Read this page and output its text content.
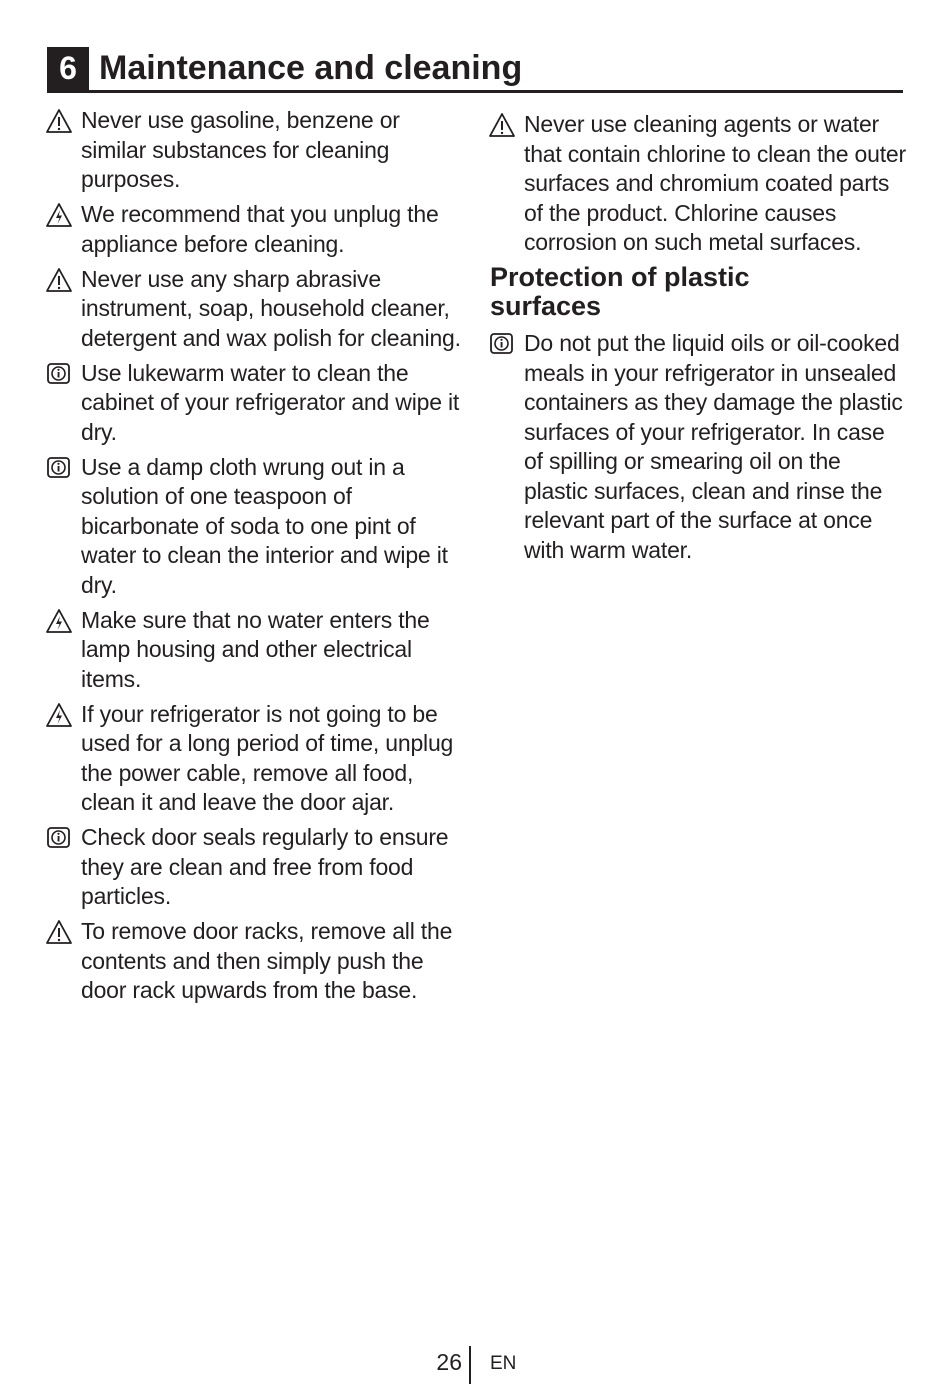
6 Maintenance and cleaning
Never use gasoline, benzene or similar substances for cleaning purposes.
We recommend that you unplug the appliance before cleaning.
Never use any sharp abrasive instrument, soap, household cleaner, detergent and wax polish for cleaning.
Use lukewarm water to clean the cabinet of your refrigerator and wipe it dry.
Use a damp cloth wrung out in a solution of one teaspoon of bicarbonate of soda to one pint of water to clean the interior and wipe it dry.
Make sure that no water enters the lamp housing and other electrical items.
If your refrigerator is not going to be used for a long period of time, unplug the power cable, remove all food, clean it and leave the door ajar.
Check door seals regularly to ensure they are clean and free from food particles.
To remove door racks, remove all the contents and then simply push the door rack upwards from the base.
Never use cleaning agents or water that contain chlorine to clean the outer surfaces and chromium coated parts of the product. Chlorine causes corrosion on such metal surfaces.
Protection of plastic surfaces
Do not put the liquid oils or oil-cooked meals in your refrigerator in unsealed containers as they damage the plastic surfaces of your refrigerator. In case of spilling or smearing oil on the plastic surfaces, clean and rinse the relevant part of the surface at once with warm water.
26 EN
